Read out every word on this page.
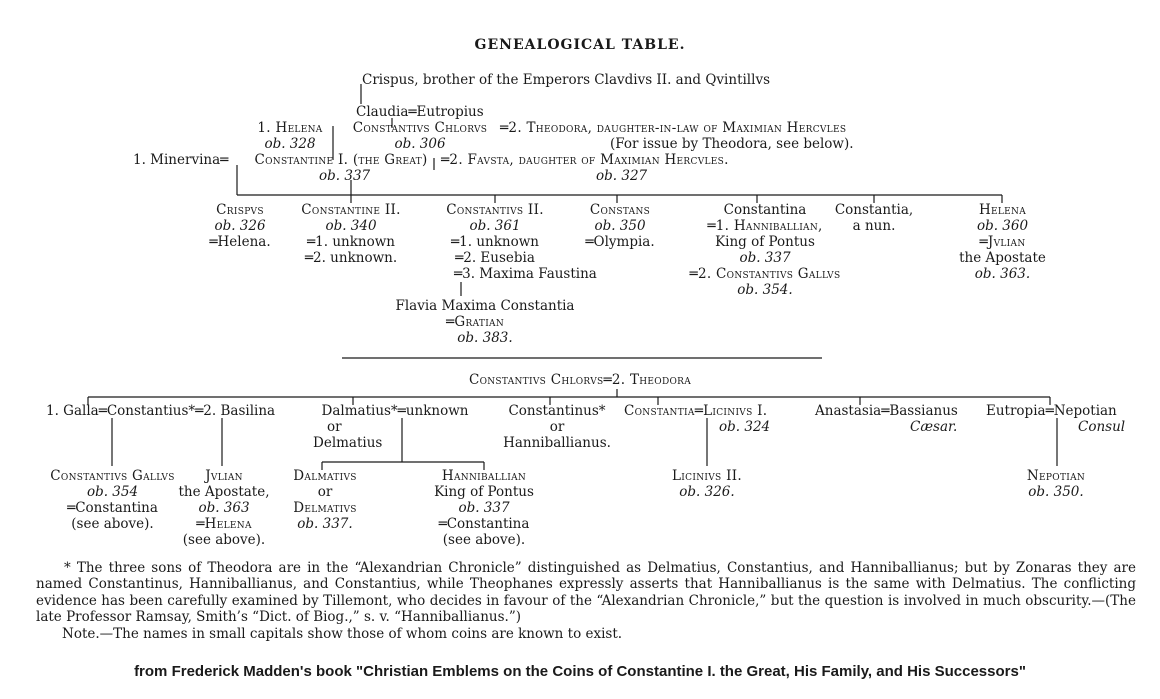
GENEALOGICAL TABLE.
Crispus, brother of the Emperors Clavdivs II. and Qvintillvs
Claudia═Eutropius
1. Helena
ob. 328
Constantivs Chlorvs
ob. 306
═2. Theodora, daughter-in-law of Maximian Hercvles
(For issue by Theodora, see below).
1. Minervina═	Constantine I. (the Great)
ob. 337
═2. Favsta, daughter of Maximian Hercvles.
ob. 327
Crispvs
ob. 326
═Helena.
Constantine II.
ob. 340
═1. unknown
═2. unknown.
Constantivs II.
ob. 361
═1. unknown
═2. Eusebia
═3. Maxima Faustina
Constans
ob. 350
═Olympia.
Constantina
═1. Hanniballian,
King of Pontus
ob. 337
═2. Constantivs Gallvs
ob. 354.
Constantia,
a nun.
Helena
ob. 360
═Jvlian
the Apostate
ob. 363.
Flavia Maxima Constantia
═Gratian
ob. 383.
Constantivs Chlorvs═2. Theodora
1. Galla═Constantius*═2. Basilina	Dalmatius*═unknown
or
Delmatius
Constantinus*
or
Hanniballianus.
Constantia═Licinivs I.
ob. 324
Anastasia═Bassianus
Cæsar.
Eutropia═Nepotian
Consul
Constantivs Gallvs
ob. 354
═Constantina
(see above).
Jvlian
the Apostate,
ob. 363
═Helena
(see above).
Dalmativs
or
Delmativs
ob. 337.
Hanniballian
King of Pontus
ob. 337
═Constantina
(see above).
Licinivs II.
ob. 326.
Nepotian
ob. 350.
* The three sons of Theodora are in the “Alexandrian Chronicle” distinguished as Delmatius, Constantius, and Hanniballianus; but by Zonaras they are named Constantinus, Hanniballianus, and Constantius, while Theophanes expressly asserts that Hanniballianus is the same with Delmatius. The conflicting evidence has been carefully examined by Tillemont, who decides in favour of the “Alexandrian Chronicle,” but the question is involved in much obscurity.—(The late Professor Ramsay, Smith’s “Dict. of Biog.,” s. v. “Hanniballianus.”)
Note.—The names in small capitals show those of whom coins are known to exist.
from Frederick Madden's book "Christian Emblems on the Coins of Constantine I. the Great, His Family, and His Successors"
